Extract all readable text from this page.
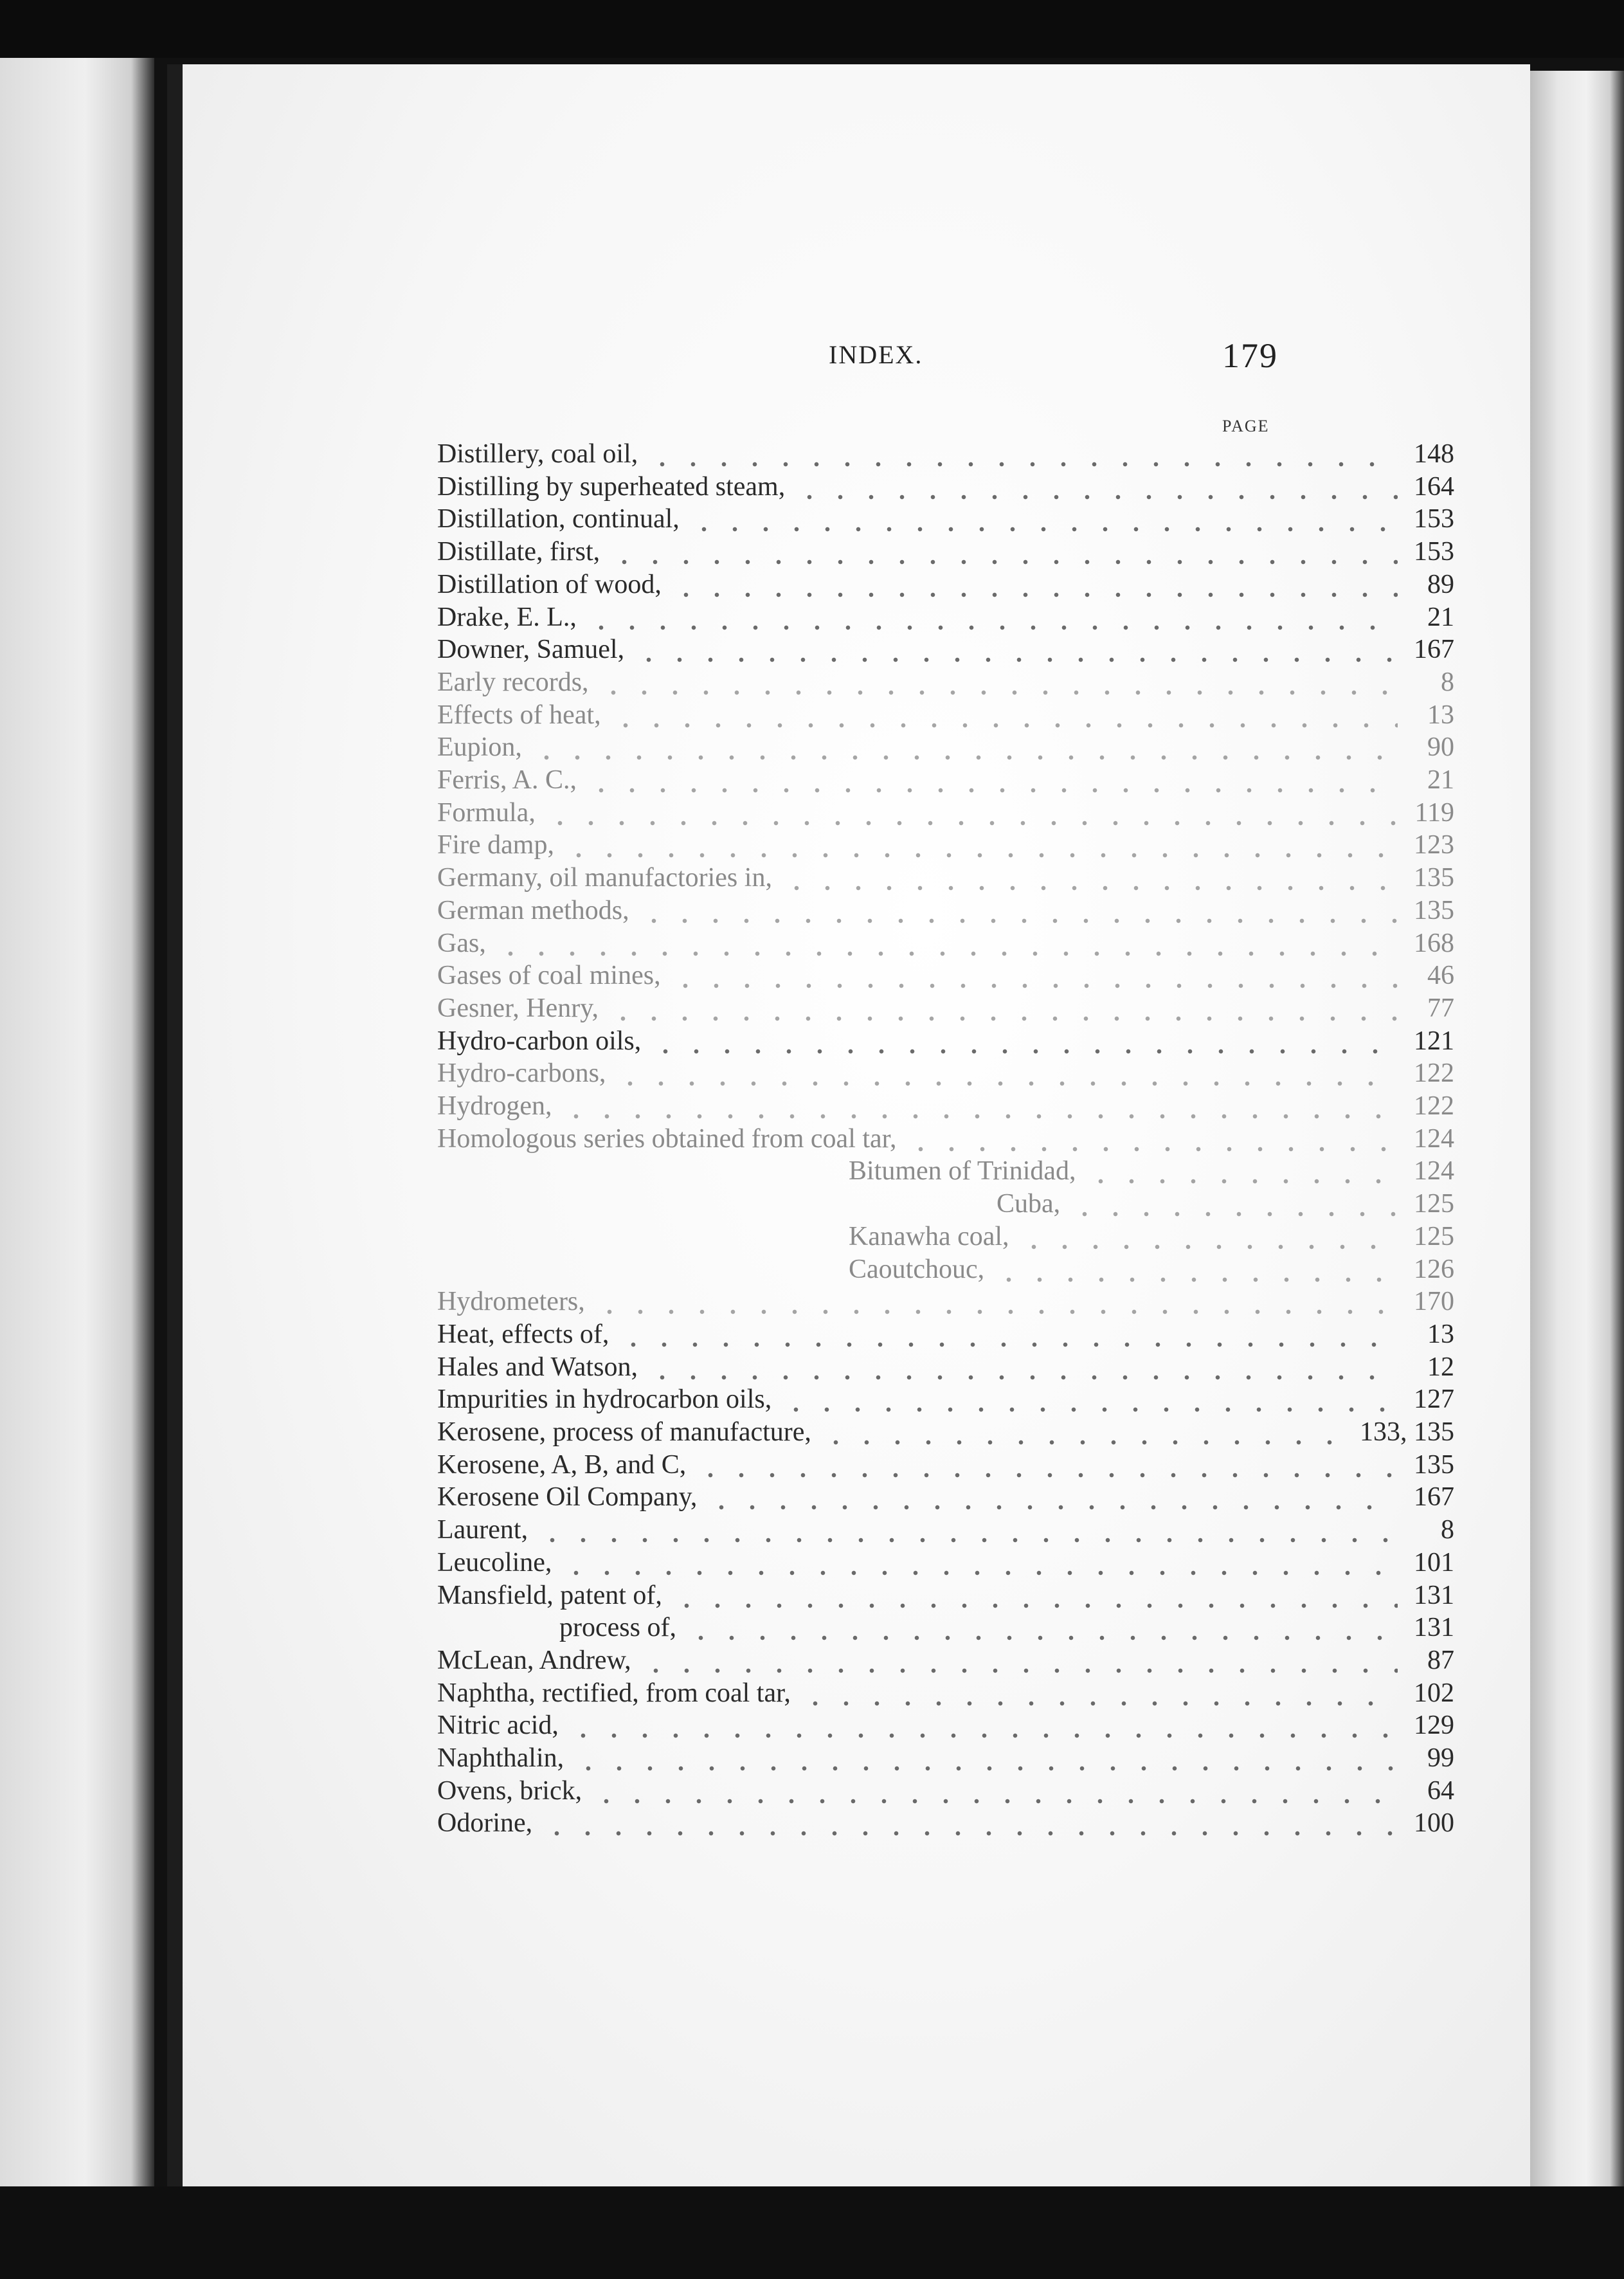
INDEX.	179
PAGE
Distillery, coal oil,	148
Distilling by superheated steam,	164
Distillation, continual,	153
Distillate, first,	153
Distillation of wood,	89
Drake, E. L.,	21
Downer, Samuel,	167
Early records,	8
Effects of heat,	13
Eupion,	90
Ferris, A. C.,	21
Formula,	119
Fire damp,	123
Germany, oil manufactories in,	135
German methods,	135
Gas,	168
Gases of coal mines,	46
Gesner, Henry,	77
Hydro-carbon oils,	121
Hydro-carbons,	122
Hydrogen,	122
Homologous series obtained from coal tar,	124
Bitumen of Trinidad,	124
Cuba,	125
Kanawha coal,	125
Caoutchouc,	126
Hydrometers,	170
Heat, effects of,	13
Hales and Watson,	12
Impurities in hydrocarbon oils,	127
Kerosene, process of manufacture,	133, 135
Kerosene, A, B, and C,	135
Kerosene Oil Company,	167
Laurent,	8
Leucoline,	101
Mansfield, patent of,	131
process of,	131
McLean, Andrew,	87
Naphtha, rectified, from coal tar,	102
Nitric acid,	129
Naphthalin,	99
Ovens, brick,	64
Odorine,	100
